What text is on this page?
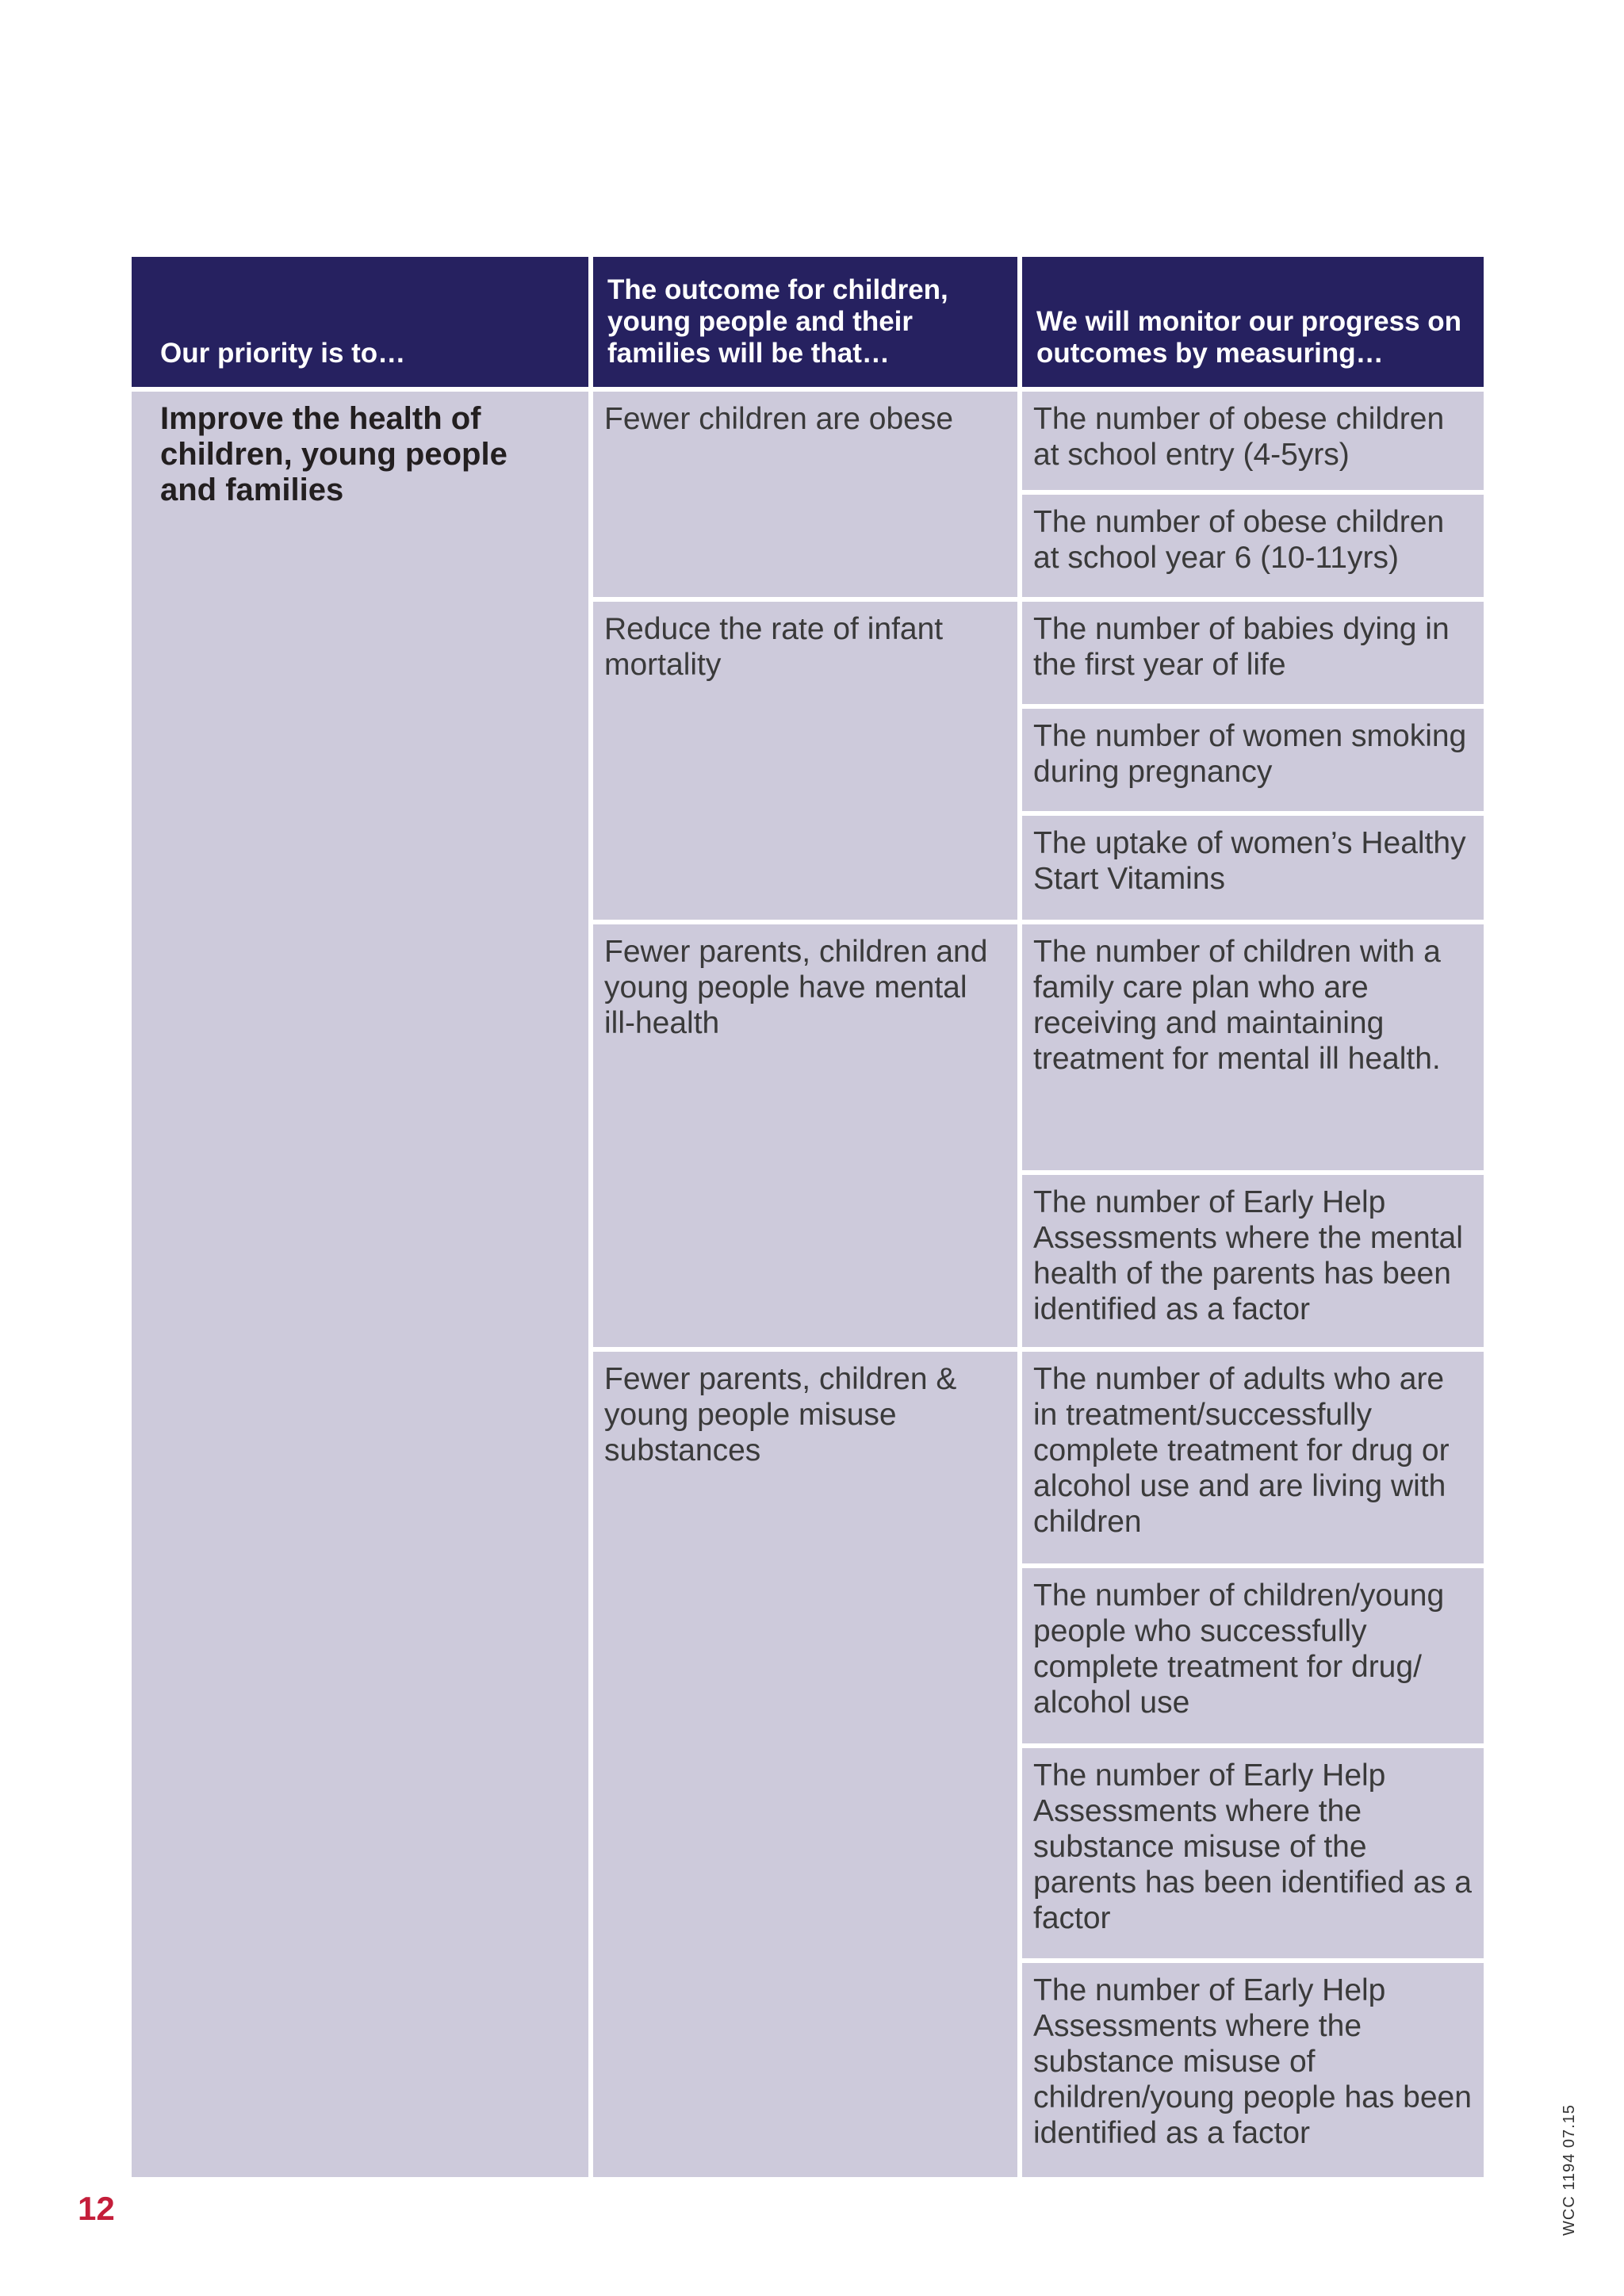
Our priority is to…
The outcome for children, young people and their families will be that…
We will monitor our progress on outcomes by measuring…
Improve the health of children, young people and families
Fewer children are obese	The number of obese children at school entry (4-5yrs)
The number of obese children at school year 6 (10-11yrs)
Reduce the rate of infant mortality
The number of babies dying in the first year of life
The number of women smoking during pregnancy
The uptake of women’s Healthy Start Vitamins
Fewer parents, children and young people have mental ill-health
The number of children with a family care plan who are receiving and maintaining treatment for mental ill health.
The number of Early Help Assessments where the mental health of the parents has been identified as a factor
Fewer parents, children & young people misuse substances
The number of adults who are in treatment/successfully complete treatment for drug or alcohol use and are living with children
The number of children/young people who successfully complete treatment for drug/ alcohol use
The number of Early Help Assessments where the substance misuse of the parents has been identified as a factor
The number of Early Help Assessments where the substance misuse of children/young people has been identified as a factor
12	WCC 1194 07.15
